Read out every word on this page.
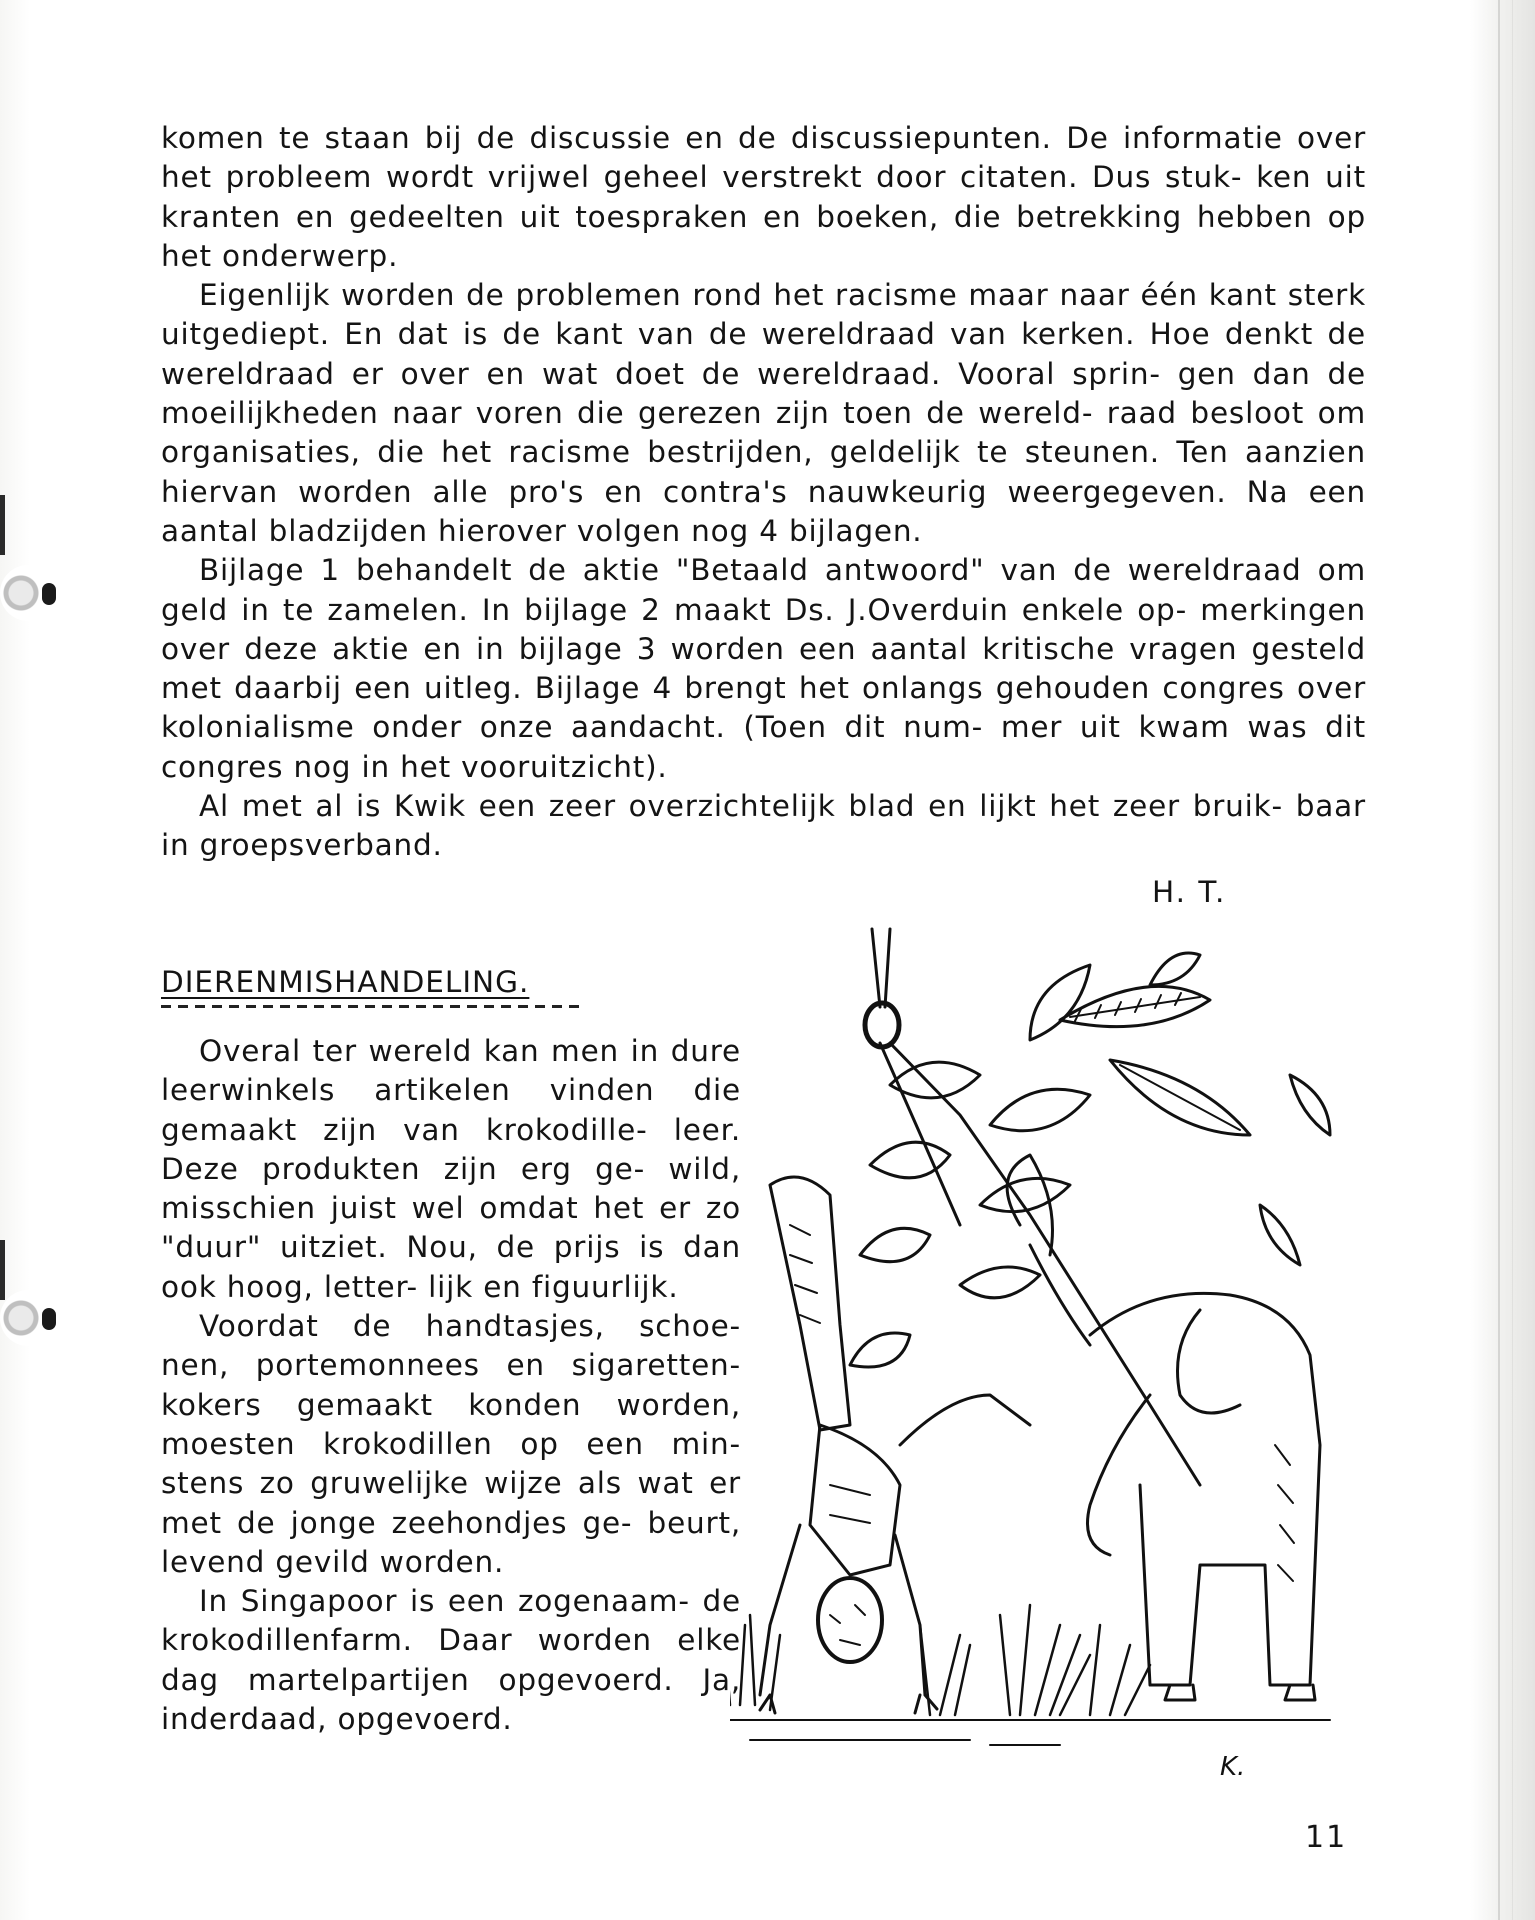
komen te staan bij de discussie en de discussiepunten. De informatie over het probleem wordt vrijwel geheel verstrekt door citaten. Dus stuk- ken uit kranten en gedeelten uit toespraken en boeken, die betrekking hebben op het onderwerp.

Eigenlijk worden de problemen rond het racisme maar naar één kant sterk uitgediept. En dat is de kant van de wereldraad van kerken. Hoe denkt de wereldraad er over en wat doet de wereldraad. Vooral sprin- gen dan de moeilijkheden naar voren die gerezen zijn toen de wereld- raad besloot om organisaties, die het racisme bestrijden, geldelijk te steunen. Ten aanzien hiervan worden alle pro's en contra's nauwkeurig weergegeven. Na een aantal bladzijden hierover volgen nog 4 bijlagen.

Bijlage 1 behandelt de aktie "Betaald antwoord" van de wereldraad om geld in te zamelen. In bijlage 2 maakt Ds. J.Overduin enkele op- merkingen over deze aktie en in bijlage 3 worden een aantal kritische vragen gesteld met daarbij een uitleg. Bijlage 4 brengt het onlangs gehouden congres over kolonialisme onder onze aandacht. (Toen dit num- mer uit kwam was dit congres nog in het vooruitzicht).

Al met al is Kwik een zeer overzichtelijk blad en lijkt het zeer bruik- baar in groepsverband.

H. T.
DIERENMISHANDELING.

Overal ter wereld kan men in dure leerwinkels artikelen vinden die gemaakt zijn van krokodille- leer. Deze produkten zijn erg ge- wild, misschien juist wel omdat het er zo "duur" uitziet. Nou, de prijs is dan ook hoog, letter- lijk en figuurlijk.

Voordat de handtasjes, schoe- nen, portemonnees en sigaretten- kokers gemaakt konden worden, moesten krokodillen op een min- stens zo gruwelijke wijze als wat er met de jonge zeehondjes ge- beurt, levend gevild worden.

In Singapoor is een zogenaam- de krokodillenfarm. Daar worden elke dag martelpartijen opgevoerd. Ja, inderdaad, opgevoerd.

K.
11
